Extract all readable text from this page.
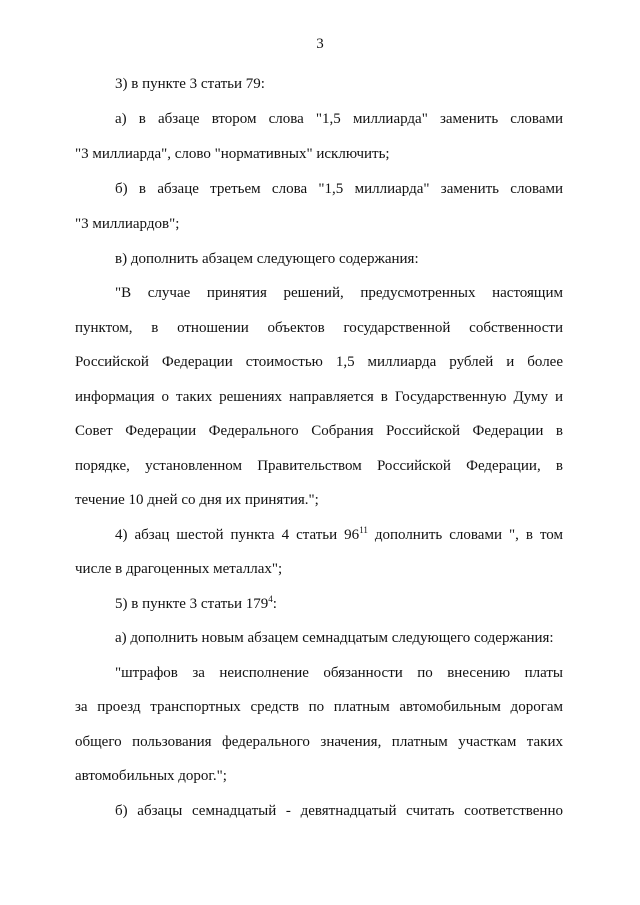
3
3) в пункте 3 статьи 79:
а) в абзаце втором слова "1,5 миллиарда" заменить словами
"3 миллиарда", слово "нормативных" исключить;
б) в абзаце третьем слова "1,5 миллиарда" заменить словами
"3 миллиардов";
в) дополнить абзацем следующего содержания:
"В случае принятия решений, предусмотренных настоящим
пунктом, в отношении объектов государственной собственности
Российской Федерации стоимостью 1,5 миллиарда рублей и более
информация о таких решениях направляется в Государственную Думу и
Совет Федерации Федерального Собрания Российской Федерации в
порядке, установленном Правительством Российской Федерации, в
течение 10 дней со дня их принятия.";
4) абзац шестой пункта 4 статьи $96^{11}$ дополнить словами ", в том
числе в драгоценных металлах";
5) в пункте 3 статьи $179^4$:
а) дополнить новым абзацем семнадцатым следующего содержания:
"штрафов за неисполнение обязанности по внесению платы
за проезд транспортных средств по платным автомобильным дорогам
общего пользования федерального значения, платным участкам таких
автомобильных дорог.";
б) абзацы семнадцатый - девятнадцатый считать соответственно
